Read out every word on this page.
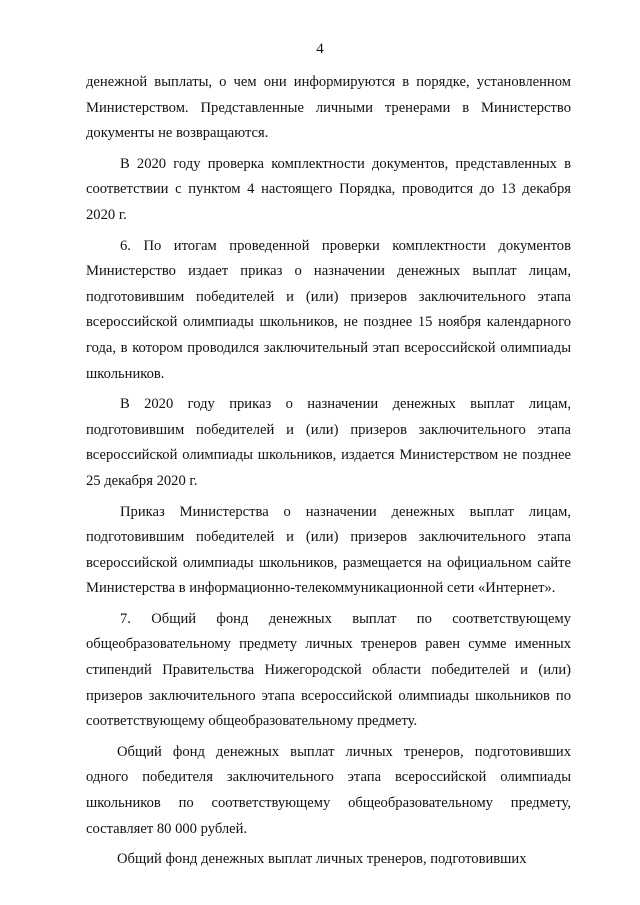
4

денежной выплаты, о чем они информируются в порядке, установленном Министерством. Представленные личными тренерами в Министерство документы не возвращаются.

В 2020 году проверка комплектности документов, представленных в соответствии с пунктом 4 настоящего Порядка, проводится до 13 декабря 2020 г.

6. По итогам проведенной проверки комплектности документов Министерство издает приказ о назначении денежных выплат лицам, подготовившим победителей и (или) призеров заключительного этапа всероссийской олимпиады школьников, не позднее 15 ноября календарного года, в котором проводился заключительный этап всероссийской олимпиады школьников.

В 2020 году приказ о назначении денежных выплат лицам, подготовившим победителей и (или) призеров заключительного этапа всероссийской олимпиады школьников, издается Министерством не позднее 25 декабря 2020 г.

Приказ Министерства о назначении денежных выплат лицам, подготовившим победителей и (или) призеров заключительного этапа всероссийской олимпиады школьников, размещается на официальном сайте Министерства в информационно-телекоммуникационной сети «Интернет».

7. Общий фонд денежных выплат по соответствующему общеобразовательному предмету личных тренеров равен сумме именных стипендий Правительства Нижегородской области победителей и (или) призеров заключительного этапа всероссийской олимпиады школьников по соответствующему общеобразовательному предмету.

Общий фонд денежных выплат личных тренеров, подготовивших одного победителя заключительного этапа всероссийской олимпиады школьников по соответствующему общеобразовательному предмету, составляет 80 000 рублей.

Общий фонд денежных выплат личных тренеров, подготовивших
